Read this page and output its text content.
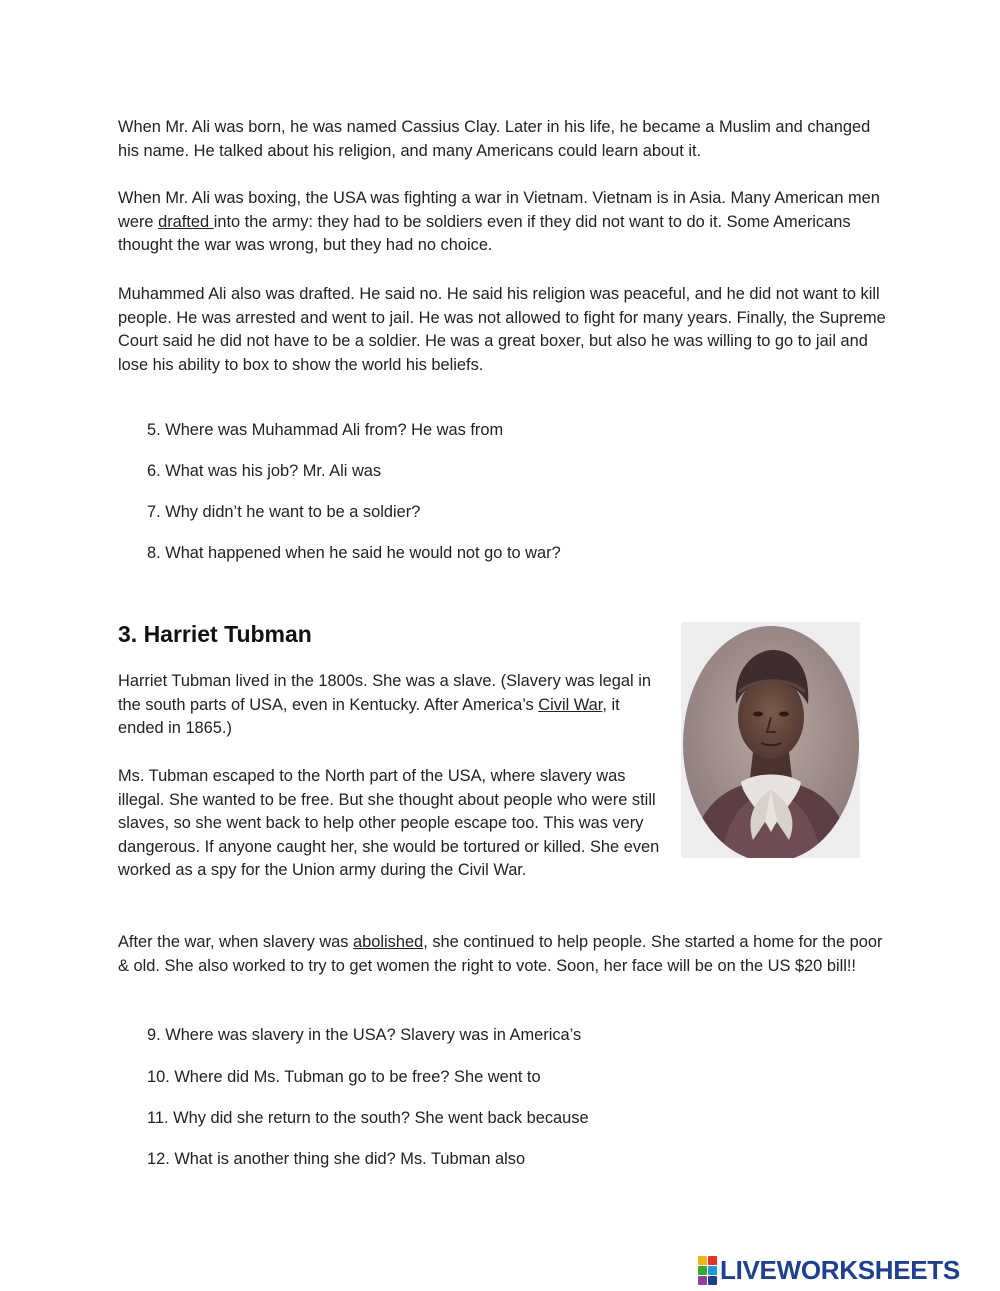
When Mr. Ali was born, he was named Cassius Clay. Later in his life, he became a Muslim and changed his name. He talked about his religion, and many Americans could learn about it.

When Mr. Ali was boxing, the USA was fighting a war in Vietnam. Vietnam is in Asia. Many American men were drafted into the army: they had to be soldiers even if they did not want to do it. Some Americans thought the war was wrong, but they had no choice.

Muhammed Ali also was drafted. He said no. He said his religion was peaceful, and he did not want to kill people. He was arrested and went to jail. He was not allowed to fight for many years. Finally, the Supreme Court said he did not have to be a soldier. He was a great boxer, but also he was willing to go to jail and lose his ability to box to show the world his beliefs.

5. Where was Muhammad Ali from? He was from

6. What was his job? Mr. Ali was

7. Why didn’t he want to be a soldier?

8. What happened when he said he would not go to war?

3. Harriet Tubman

Harriet Tubman lived in the 1800s. She was a slave. (Slavery was legal in the south parts of USA, even in Kentucky. After America’s Civil War, it ended in 1865.)

Ms. Tubman escaped to the North part of the USA, where slavery was illegal. She wanted to be free. But she thought about people who were still slaves, so she went back to help other people escape too. This was very dangerous. If anyone caught her, she would be tortured or killed. She even worked as a spy for the Union army during the Civil War.

After the war, when slavery was abolished, she continued to help people. She started a home for the poor & old. She also worked to try to get women the right to vote. Soon, her face will be on the US $20 bill!!

9. Where was slavery in the USA? Slavery was in America’s

10. Where did Ms. Tubman go to be free? She went to

11. Why did she return to the south? She went back because

12. What is another thing she did? Ms. Tubman also

LIVEWORKSHEETS
